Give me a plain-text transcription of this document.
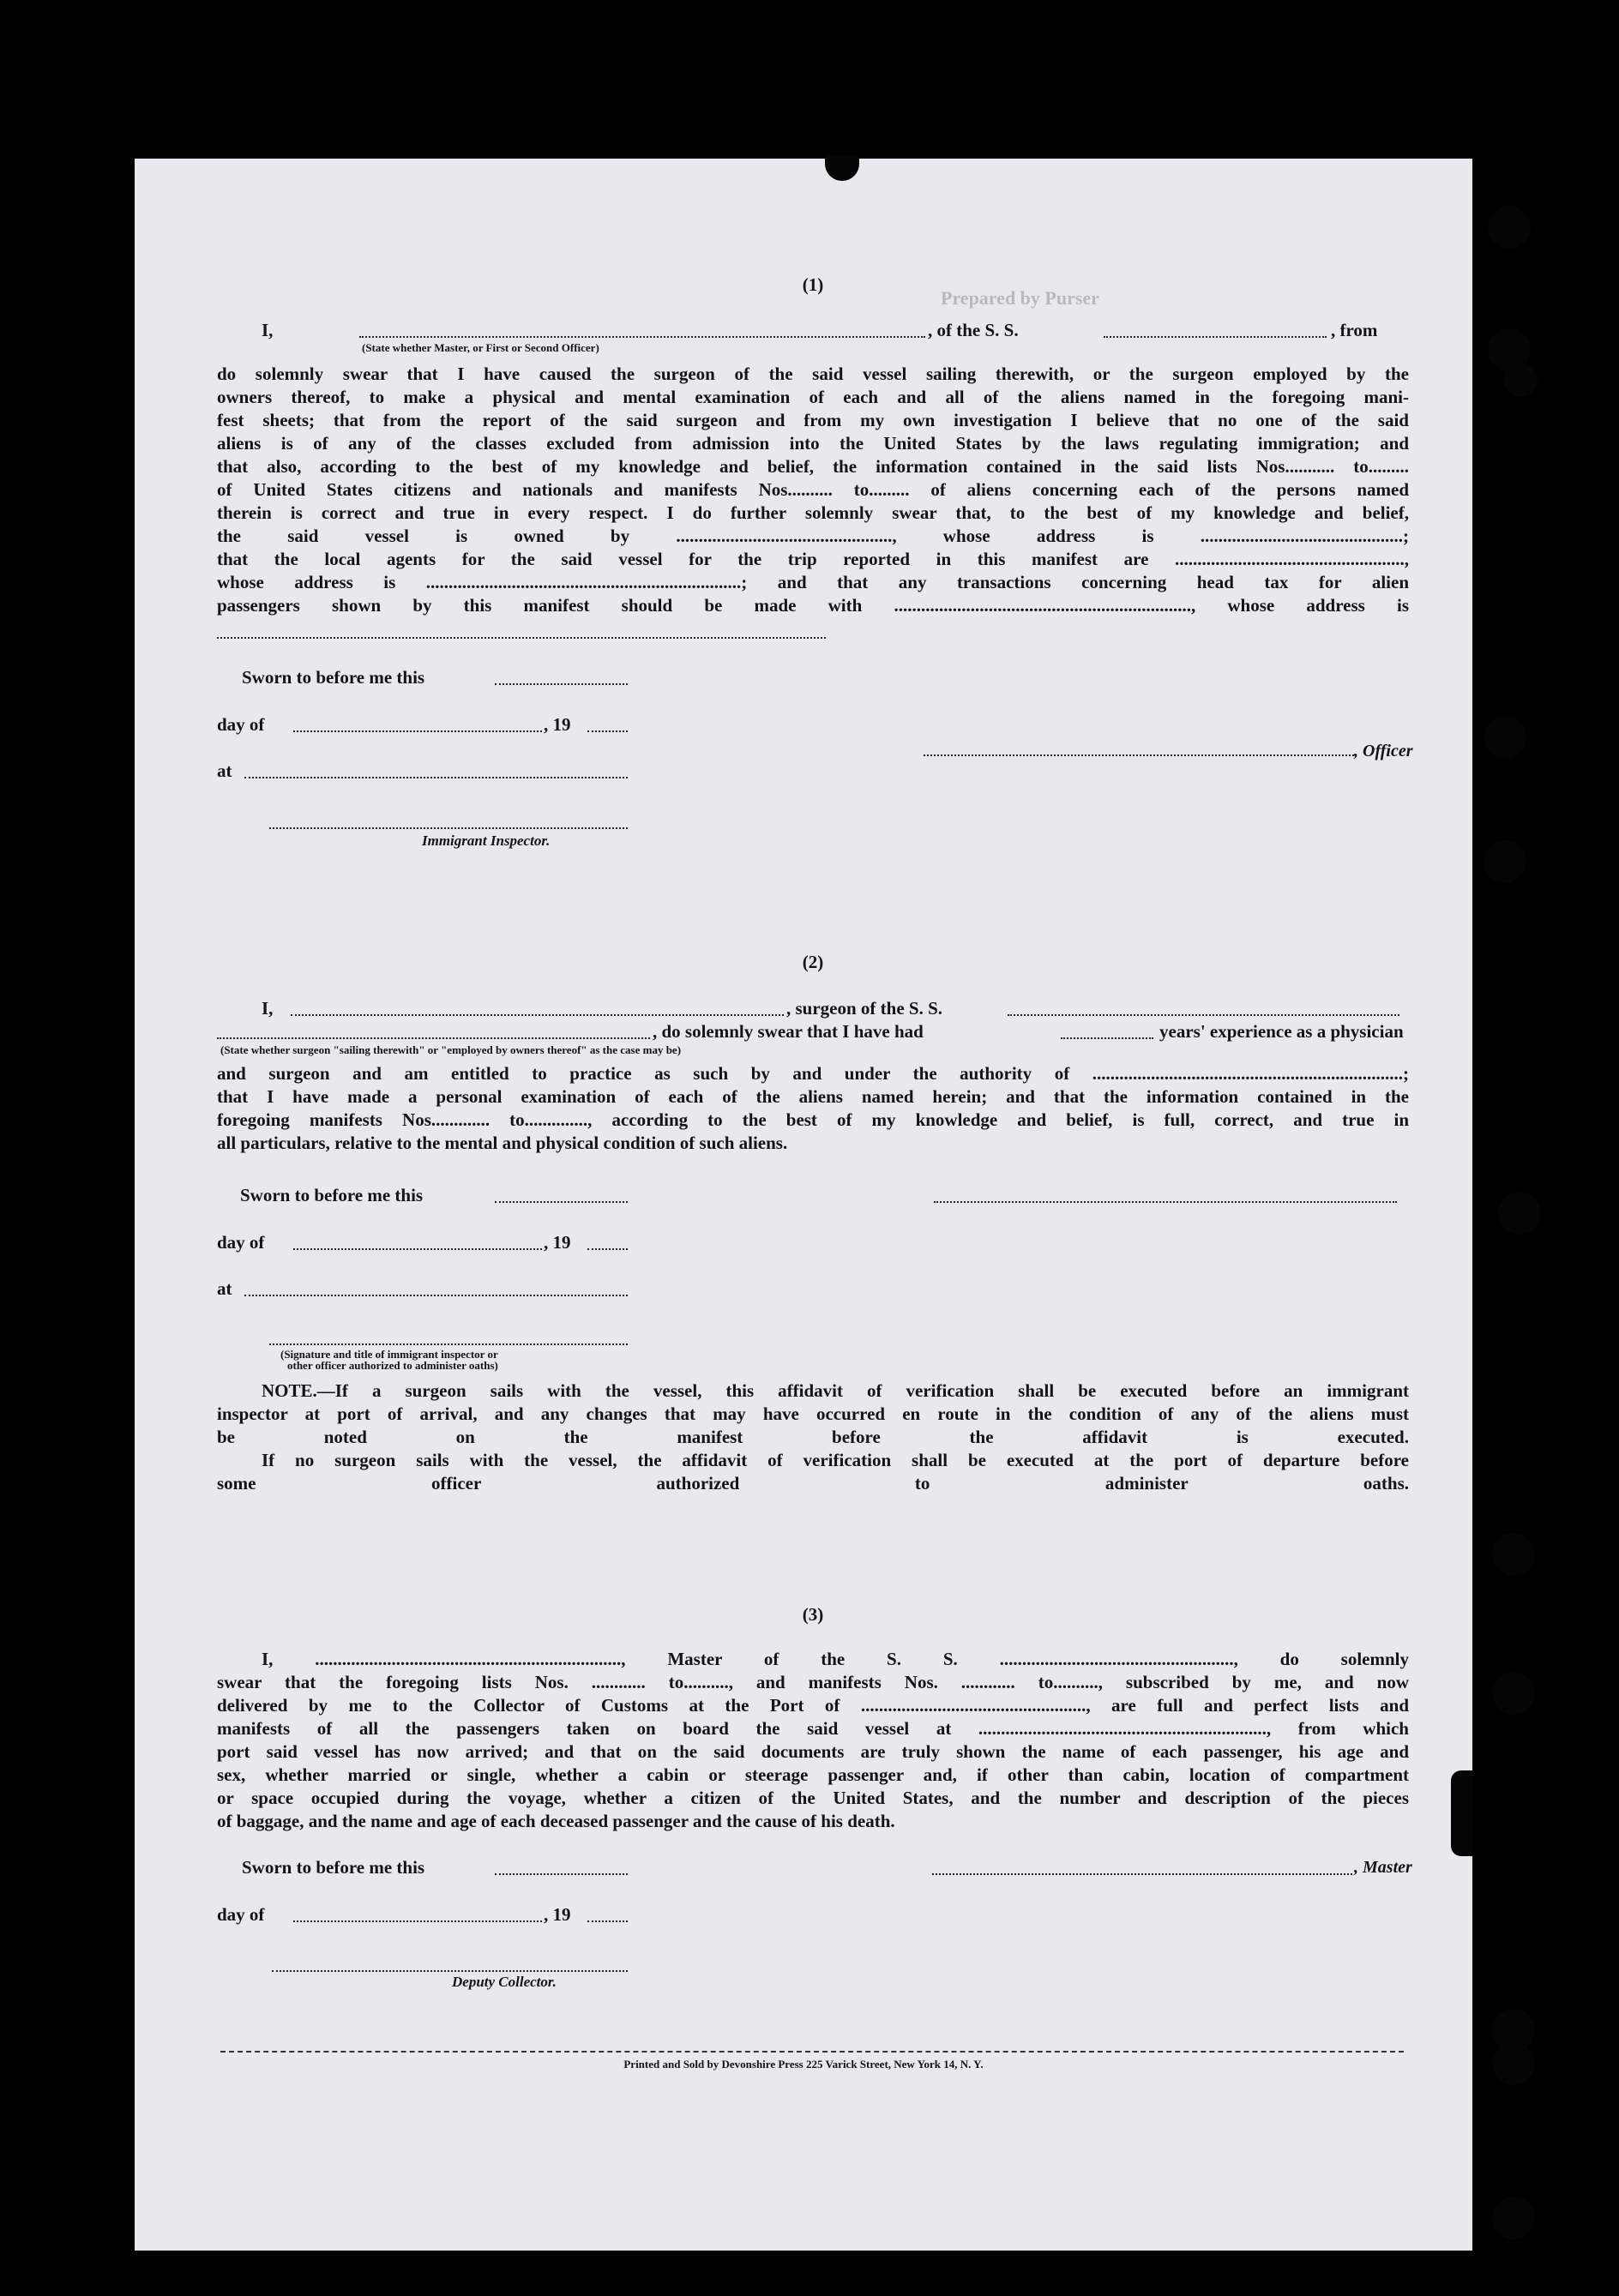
Prepared by Purser
(1)
I,	, of the S. S.	, from
(State whether Master, or First or Second Officer)
do solemnly swear that I have caused the surgeon of the said vessel sailing therewith, or the surgeon employed by the
owners thereof, to make a physical and mental examination of each and all of the aliens named in the foregoing mani-
fest sheets; that from the report of the said surgeon and from my own investigation I believe that no one of the said
aliens is of any of the classes excluded from admission into the United States by the laws regulating immigration; and
that also, according to the best of my knowledge and belief, the information contained in the said lists Nos........... to.........
of United States citizens and nationals and manifests Nos.......... to......... of aliens concerning each of the persons named
therein is correct and true in every respect. I do further solemnly swear that, to the best of my knowledge and belief,
the said vessel is owned by ................................................, whose address is .............................................;
that the local agents for the said vessel for the trip reported in this manifest are ...................................................,
whose address is ......................................................................; and that any transactions concerning head tax for alien
passengers shown by this manifest should be made with .................................................................., whose address is
Sworn to before me this
day of	, 19
at
Immigrant Inspector.
, Officer
(2)
I,	, surgeon of the S. S.
, do solemnly swear that I have had	years' experience as a physician
(State whether surgeon "sailing therewith" or "employed by owners thereof" as the case may be)
and surgeon and am entitled to practice as such by and under the authority of .....................................................................;
that I have made a personal examination of each of the aliens named herein; and that the information contained in the
foregoing manifests Nos............. to.............., according to the best of my knowledge and belief, is full, correct, and true in
all particulars, relative to the mental and physical condition of such aliens.
Sworn to before me this
day of	, 19
at
(Signature and title of immigrant inspector or
other officer authorized to administer oaths)
NOTE.—If a surgeon sails with the vessel, this affidavit of verification shall be executed before an immigrant
inspector at port of arrival, and any changes that may have occurred en route in the condition of any of the aliens must
be noted on the manifest before the affidavit is executed.
If no surgeon sails with the vessel, the affidavit of verification shall be executed at the port of departure before
some officer authorized to administer oaths.
(3)
I, ...................................................................., Master of the S. S. ...................................................., do solemnly
swear that the foregoing lists Nos. ............ to.........., and manifests Nos. ............ to.........., subscribed by me, and now
delivered by me to the Collector of Customs at the Port of .................................................., are full and perfect lists and
manifests of all the passengers taken on board the said vessel at ................................................................, from which
port said vessel has now arrived; and that on the said documents are truly shown the name of each passenger, his age and
sex, whether married or single, whether a cabin or steerage passenger and, if other than cabin, location of compartment
or space occupied during the voyage, whether a citizen of the United States, and the number and description of the pieces
of baggage, and the name and age of each deceased passenger and the cause of his death.
Sworn to before me this	, Master
day of	, 19
Deputy Collector.
Printed and Sold by Devonshire Press 225 Varick Street, New York 14, N. Y.
